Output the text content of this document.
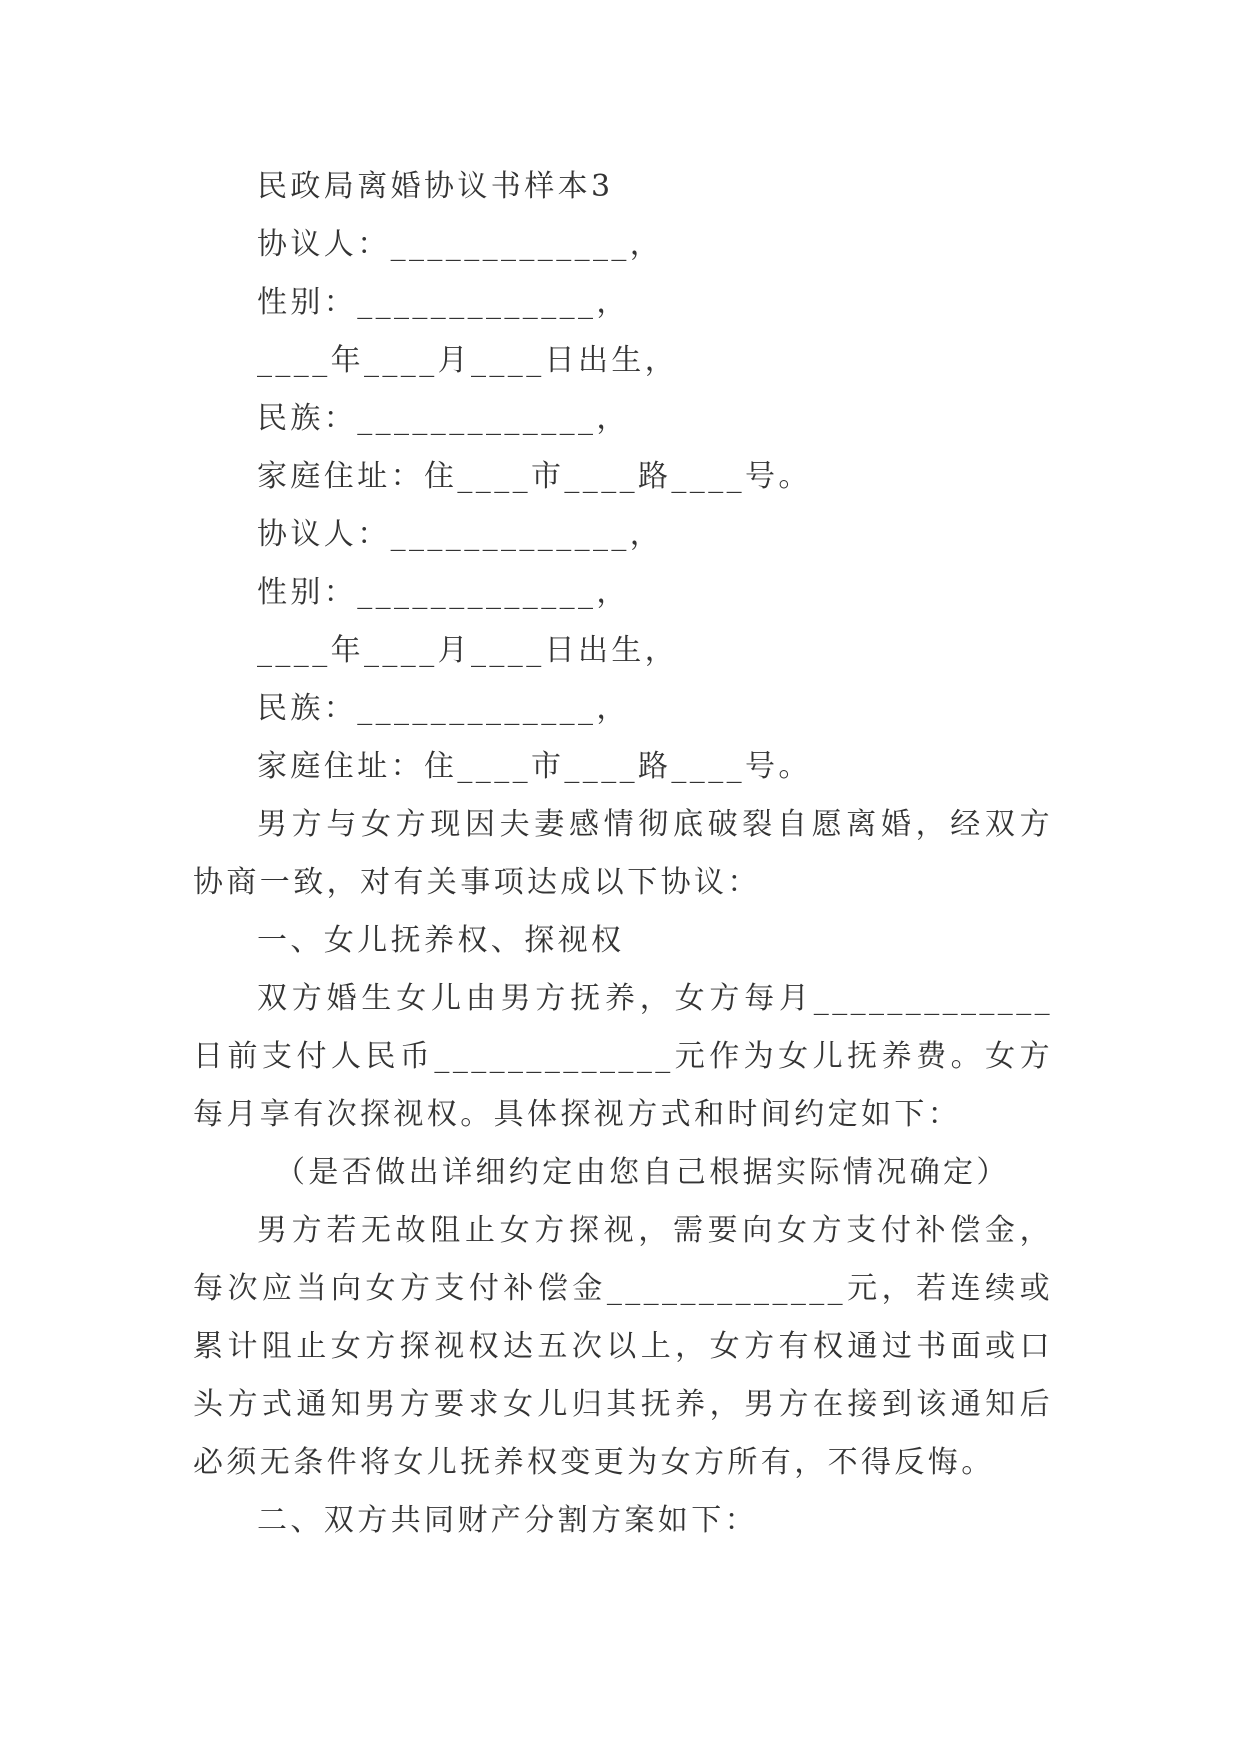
民政局离婚协议书样本3

协议人：_____________，

性别：_____________，

____年____月____日出生，

民族：_____________，

家庭住址：住____市____路____号。

协议人：_____________，

性别：_____________，

____年____月____日出生，

民族：_____________，

家庭住址：住____市____路____号。

男方与女方现因夫妻感情彻底破裂自愿离婚，经双方协商一致，对有关事项达成以下协议：

一、女儿抚养权、探视权

双方婚生女儿由男方抚养，女方每月_____________日前支付人民币_____________元作为女儿抚养费。女方每月享有次探视权。具体探视方式和时间约定如下：

（是否做出详细约定由您自己根据实际情况确定）

男方若无故阻止女方探视，需要向女方支付补偿金，每次应当向女方支付补偿金_____________元，若连续或累计阻止女方探视权达五次以上，女方有权通过书面或口头方式通知男方要求女儿归其抚养，男方在接到该通知后必须无条件将女儿抚养权变更为女方所有，不得反悔。

二、双方共同财产分割方案如下：
